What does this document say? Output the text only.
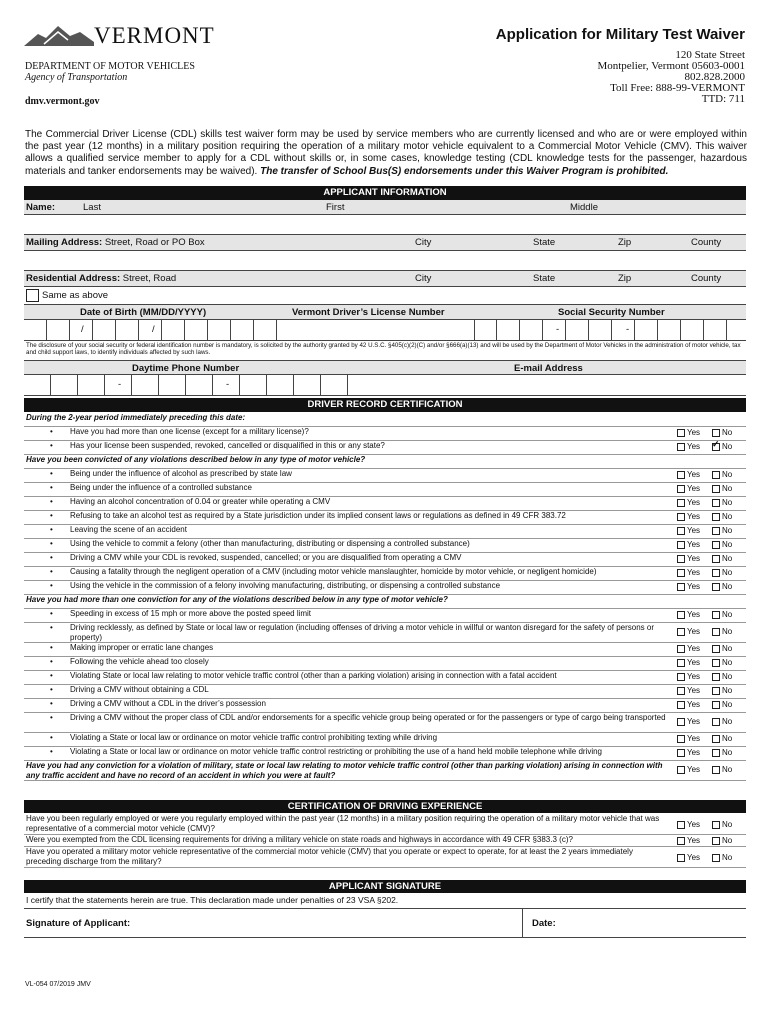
VERMONT	Application for Military Test Waiver
DEPARTMENT OF MOTOR VEHICLES
Agency of Transportation
dmv.vermont.gov
120 State Street
Montpelier, Vermont 05603-0001
802.828.2000
Toll Free: 888-99-VERMONT
TTD: 711
The Commercial Driver License (CDL) skills test waiver form may be used by service members who are currently licensed and who are or were employed within the past year (12 months) in a military position requiring the operation of a military motor vehicle equivalent to a Commercial Motor Vehicle (CMV). This waiver allows a qualified service member to apply for a CDL without skills or, in some cases, knowledge testing (CDL knowledge tests for the passenger, hazardous materials and tanker endorsements may be waived). The transfer of School Bus(S) endorsements under this Waiver Program is prohibited.
APPLICANT INFORMATION
Name:	Last	First	Middle
Mailing Address: Street, Road or PO Box	City	State	Zip	County
Residential Address: Street, Road	City	State	Zip	County
Same as above
Date of Birth (MM/DD/YYYY)	Vermont Driver’s License Number	Social Security Number
/	/	-	-
The disclosure of your social security or federal identification number is mandatory, is solicited by the authority granted by 42 U.S.C. §405(c)(2)(C) and/or §666(a)(13) and will be used by the Department of Motor Vehicles in the administration of motor vehicle, tax and child support laws, to identify individuals affected by such laws.
Daytime Phone Number	E-mail Address
-	-
DRIVER RECORD CERTIFICATION
During the 2-year period immediately preceding this date:
• Have you had more than one license (except for a military license)?	Yes	No
• Has your license been suspended, revoked, cancelled or disqualified in this or any state?	Yes
✓	No
Have you been convicted of any violations described below in any type of motor vehicle?
• Being under the influence of alcohol as prescribed by state law	Yes	No
• Being under the influence of a controlled substance	Yes	No
• Having an alcohol concentration of 0.04 or greater while operating a CMV	Yes	No
• Refusing to take an alcohol test as required by a State jurisdiction under its implied consent laws or regulations as defined in 49 CFR 383.72	Yes	No
• Leaving the scene of an accident	Yes	No
• Using the vehicle to commit a felony (other than manufacturing, distributing or dispensing a controlled substance)	Yes	No
• Driving a CMV while your CDL is revoked, suspended, cancelled; or you are disqualified from operating a CMV	Yes	No
• Causing a fatality through the negligent operation of a CMV (including motor vehicle manslaughter, homicide by motor vehicle, or negligent homicide)	Yes	No
• Using the vehicle in the commission of a felony involving manufacturing, distributing, or dispensing a controlled substance	Yes	No
Have you had more than one conviction for any of the violations described below in any type of motor vehicle?
• Speeding in excess of 15 mph or more above the posted speed limit	Yes	No
• Driving recklessly, as defined by State or local law or regulation (including offenses of driving a motor vehicle in willful or wanton disregard for the safety of persons or property)
Yes	No
• Making improper or erratic lane changes	Yes	No
• Following the vehicle ahead too closely	Yes	No
• Violating State or local law relating to motor vehicle traffic control (other than a parking violation) arising in connection with a fatal accident	Yes	No
• Driving a CMV without obtaining a CDL	Yes	No
• Driving a CMV without a CDL in the driver’s possession	Yes	No
• Driving a CMV without the proper class of CDL and/or endorsements for a specific vehicle group being operated or for the passengers or type of cargo being transported	Yes	No
• Violating a State or local law or ordinance on motor vehicle traffic control prohibiting texting while driving	Yes	No
• Violating a State or local law or ordinance on motor vehicle traffic control restricting or prohibiting the use of a hand held mobile telephone while driving	Yes	No
Have you had any conviction for a violation of military, state or local law relating to motor vehicle traffic control (other than parking violation) arising in connection with any traffic accident and have no record of an accident in which you were at fault?
Yes	No
CERTIFICATION OF DRIVING EXPERIENCE
Have you been regularly employed or were you regularly employed within the past year (12 months) in a military position requiring the operation of a military motor vehicle that was representative of a commercial motor vehicle (CMV)?	Yes	No
Were you exempted from the CDL licensing requirements for driving a military vehicle on state roads and highways in accordance with 49 CFR §383.3 (c)?	Yes	No
Have you operated a military motor vehicle representative of the commercial motor vehicle (CMV) that you operate or expect to operate, for at least the 2 years immediately preceding discharge from the military?	Yes	No
APPLICANT SIGNATURE
I certify that the statements herein are true. This declaration made under penalties of 23 VSA §202.
Signature of Applicant:	Date:
VL-054 07/2019 JMV
